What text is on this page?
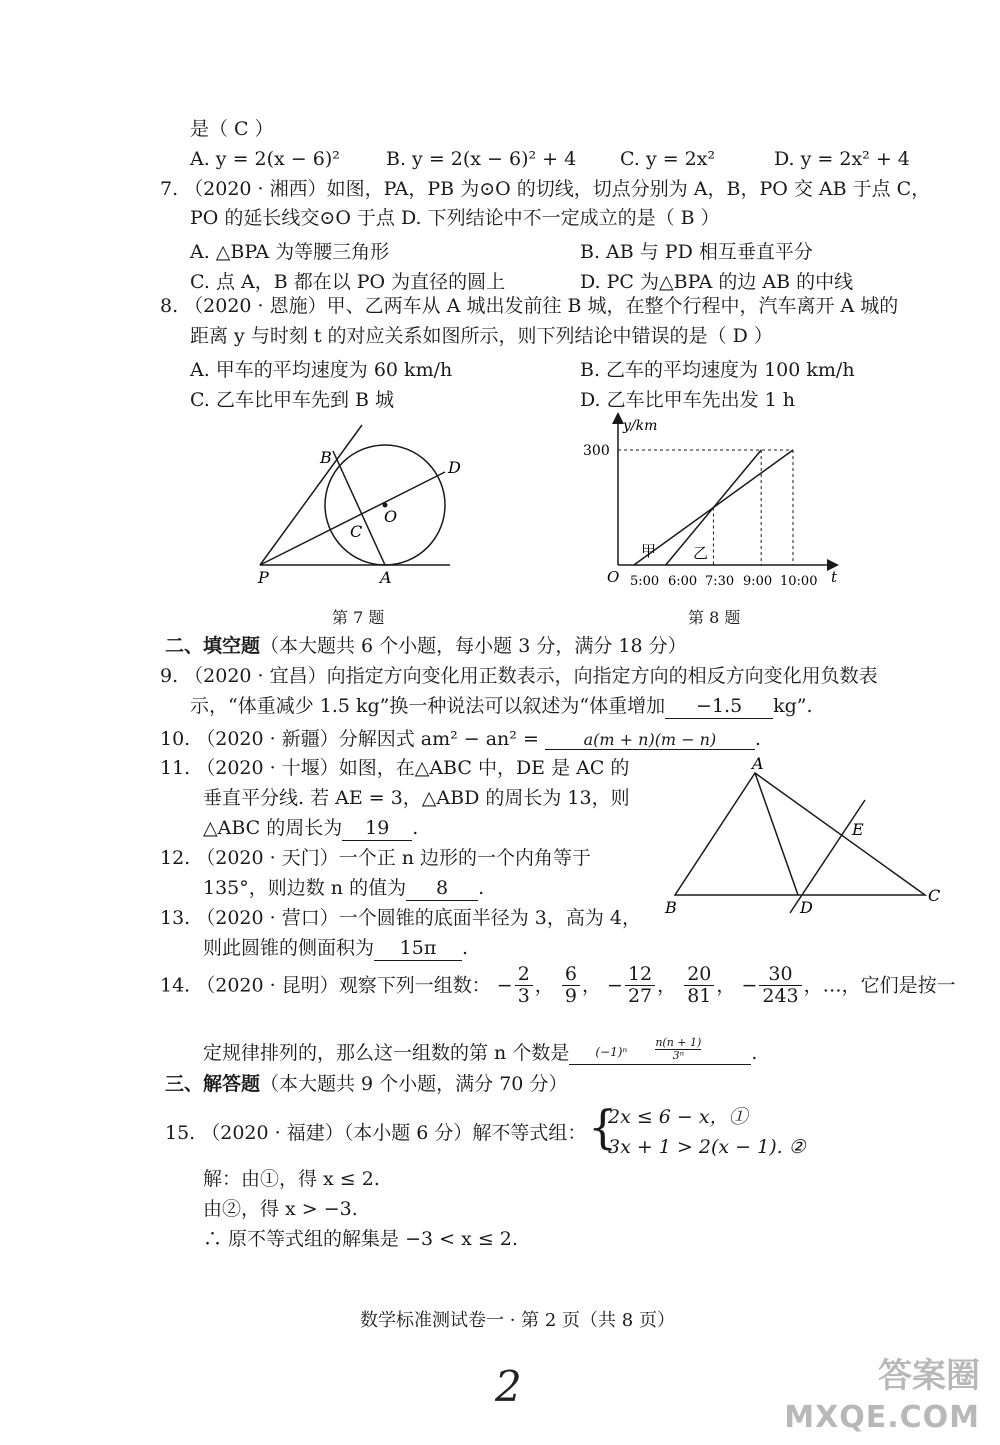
是（ C ）
A. y = 2(x − 6)² B. y = 2(x − 6)² + 4 C. y = 2x²	D. y = 2x² + 4
7. （2020 · 湘西）如图，PA，PB 为⊙O 的切线，切点分别为 A，B，PO 交 AB 于点 C，
PO 的延长线交⊙O 于点 D. 下列结论中不一定成立的是（ B ）
A. △BPA 为等腰三角形	B. AB 与 PD 相互垂直平分
C. 点 A，B 都在以 PO 为直径的圆上	D. PC 为△BPA 的边 AB 的中线
8. （2020 · 恩施）甲、乙两车从 A 城出发前往 B 城，在整个行程中，汽车离开 A 城的
距离 y 与时刻 t 的对应关系如图所示，则下列结论中错误的是（ D ）
A. 甲车的平均速度为 60 km/h	B. 乙车的平均速度为 100 km/h
C. 乙车比甲车先到 B 城	D. 乙车比甲车先出发 1 h
B
D
O
C
P	A
第 7 题
y/km
300
O	t
5:00 6:00 7:30 9:00 10:00
甲 乙
第 8 题
二、填空题（本大题共 6 个小题，每小题 3 分，满分 18 分）
9. （2020 · 宜昌）向指定方向变化用正数表示，向指定方向的相反方向变化用负数表
示，“体重减少 1.5 kg”换一种说法可以叙述为“体重增加 −1.5 kg”.
10. （2020 · 新疆）分解因式 am² − an² =	a(m + n)(m − n) .
11. （2020 · 十堰）如图，在△ABC 中，DE 是 AC 的
垂直平分线. 若 AE = 3，△ABD 的周长为 13，则
△ABC 的周长为 19 .
12. （2020 · 天门）一个正 n 边形的一个内角等于
135°，则边数 n 的值为 8 .
13. （2020 · 营口）一个圆锥的底面半径为 3，高为 4，
则此圆锥的侧面积为 15π .
A
E
B	D
C
14. （2020 · 昆明）观察下列一组数： − $\frac{2}{3}$ ， $\frac{6}{9}$ ， − $\frac{12}{27}$ ， $\frac{20}{81}$ ， − $\frac{30}{243}$ ，…，它们是按一
定规律排列的，那么这一组数的第 n 个数是 (−1)ⁿ	$\frac{n(n + 1)}{\text{3ⁿ}}$	.
三、解答题（本大题共 9 个小题，满分 70 分）
15. （2020 · 福建）（本小题 6 分）解不等式组： {
2x ≤ 6 − x，①
3x + 1 > 2(x − 1). ②
解：由①，得 x ≤ 2.
由②，得 x > −3.
∴ 原不等式组的解集是 −3 < x ≤ 2.
数学标准测试卷一 · 第 2 页（共 8 页）
2	答案圈
MXQE.COM
